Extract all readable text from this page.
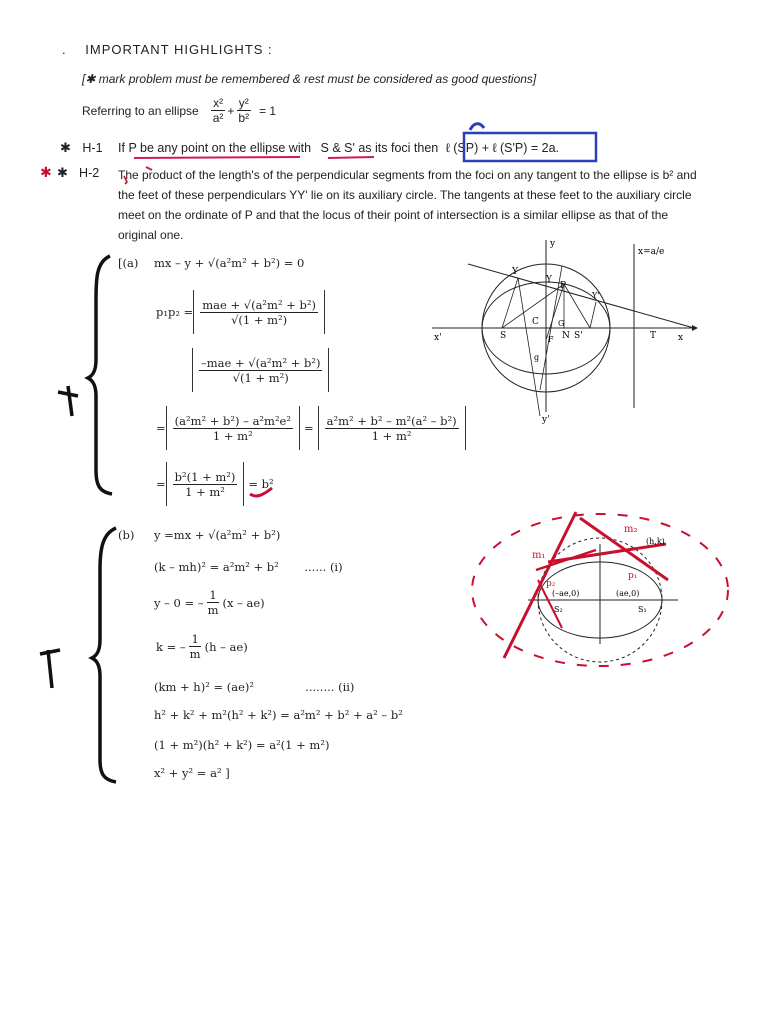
. IMPORTANT HIGHLIGHTS :
[✱ mark problem must be remembered & rest must be considered as good questions]
Referring to an ellipse $\frac{\text{x²}}{\text{a²}} + \frac{\text{y²}}{\text{b²}} = 1$
✱ H-1 If P be any point on the ellipse with S & S' as its foci then ℓ (SP) + ℓ (S'P) = 2a.
✱ ✱ H-2 The product of the length's of the perpendicular segments from the foci on any tangent to the ellipse is b² and the feet of these perpendiculars YY' lie on its auxiliary circle. The tangents at these feet to the auxiliary circle meet on the ordinate of P and that the locus of their point of intersection is a similar ellipse as that of the original one.
[(a) mx – y + √(a²m² + b²) = 0
$p_1p_2 = \frac{\text{mae + √(a²m² + b²)}}{\text{√(1 + m²)}}$
$\frac{\text{–mae + √(a²m² + b²)}}{\text{√(1 + m²)}}$
= $\frac{\text{(a²m² + b²) – a²m²e²}}{\text{1 + m²}} = \frac{\text{a²m² + b² – m²(a² – b²)}}{\text{1 + m²}}$
= $\frac{\text{b²(1 + m²)}}{\text{1 + m²}} = b^2$
(b) y =mx + √(a²m² + b²)
(k – mh)² = a²m² + b²       ...... (i)
y – 0 = – $\frac{1}{m} (x - ae)$
k = – $\frac{1}{m} (h - ae)$
(km + h)² = (ae)²              ........ (ii)
h² + k² + m²(h² + k²) = a²m² + b² + a² – b²
(1 + m²)(h² + k²) = a²(1 + m²)
x² + y² = a² ]
y
y'
x
x'
x=a/e
Y
Y
P
Y'
S
C G
N S'	T
F
g
(h,k)
m₂
m₁
p₂
p₁
(–ae,0)	(ae,0)
S₂	S₁
